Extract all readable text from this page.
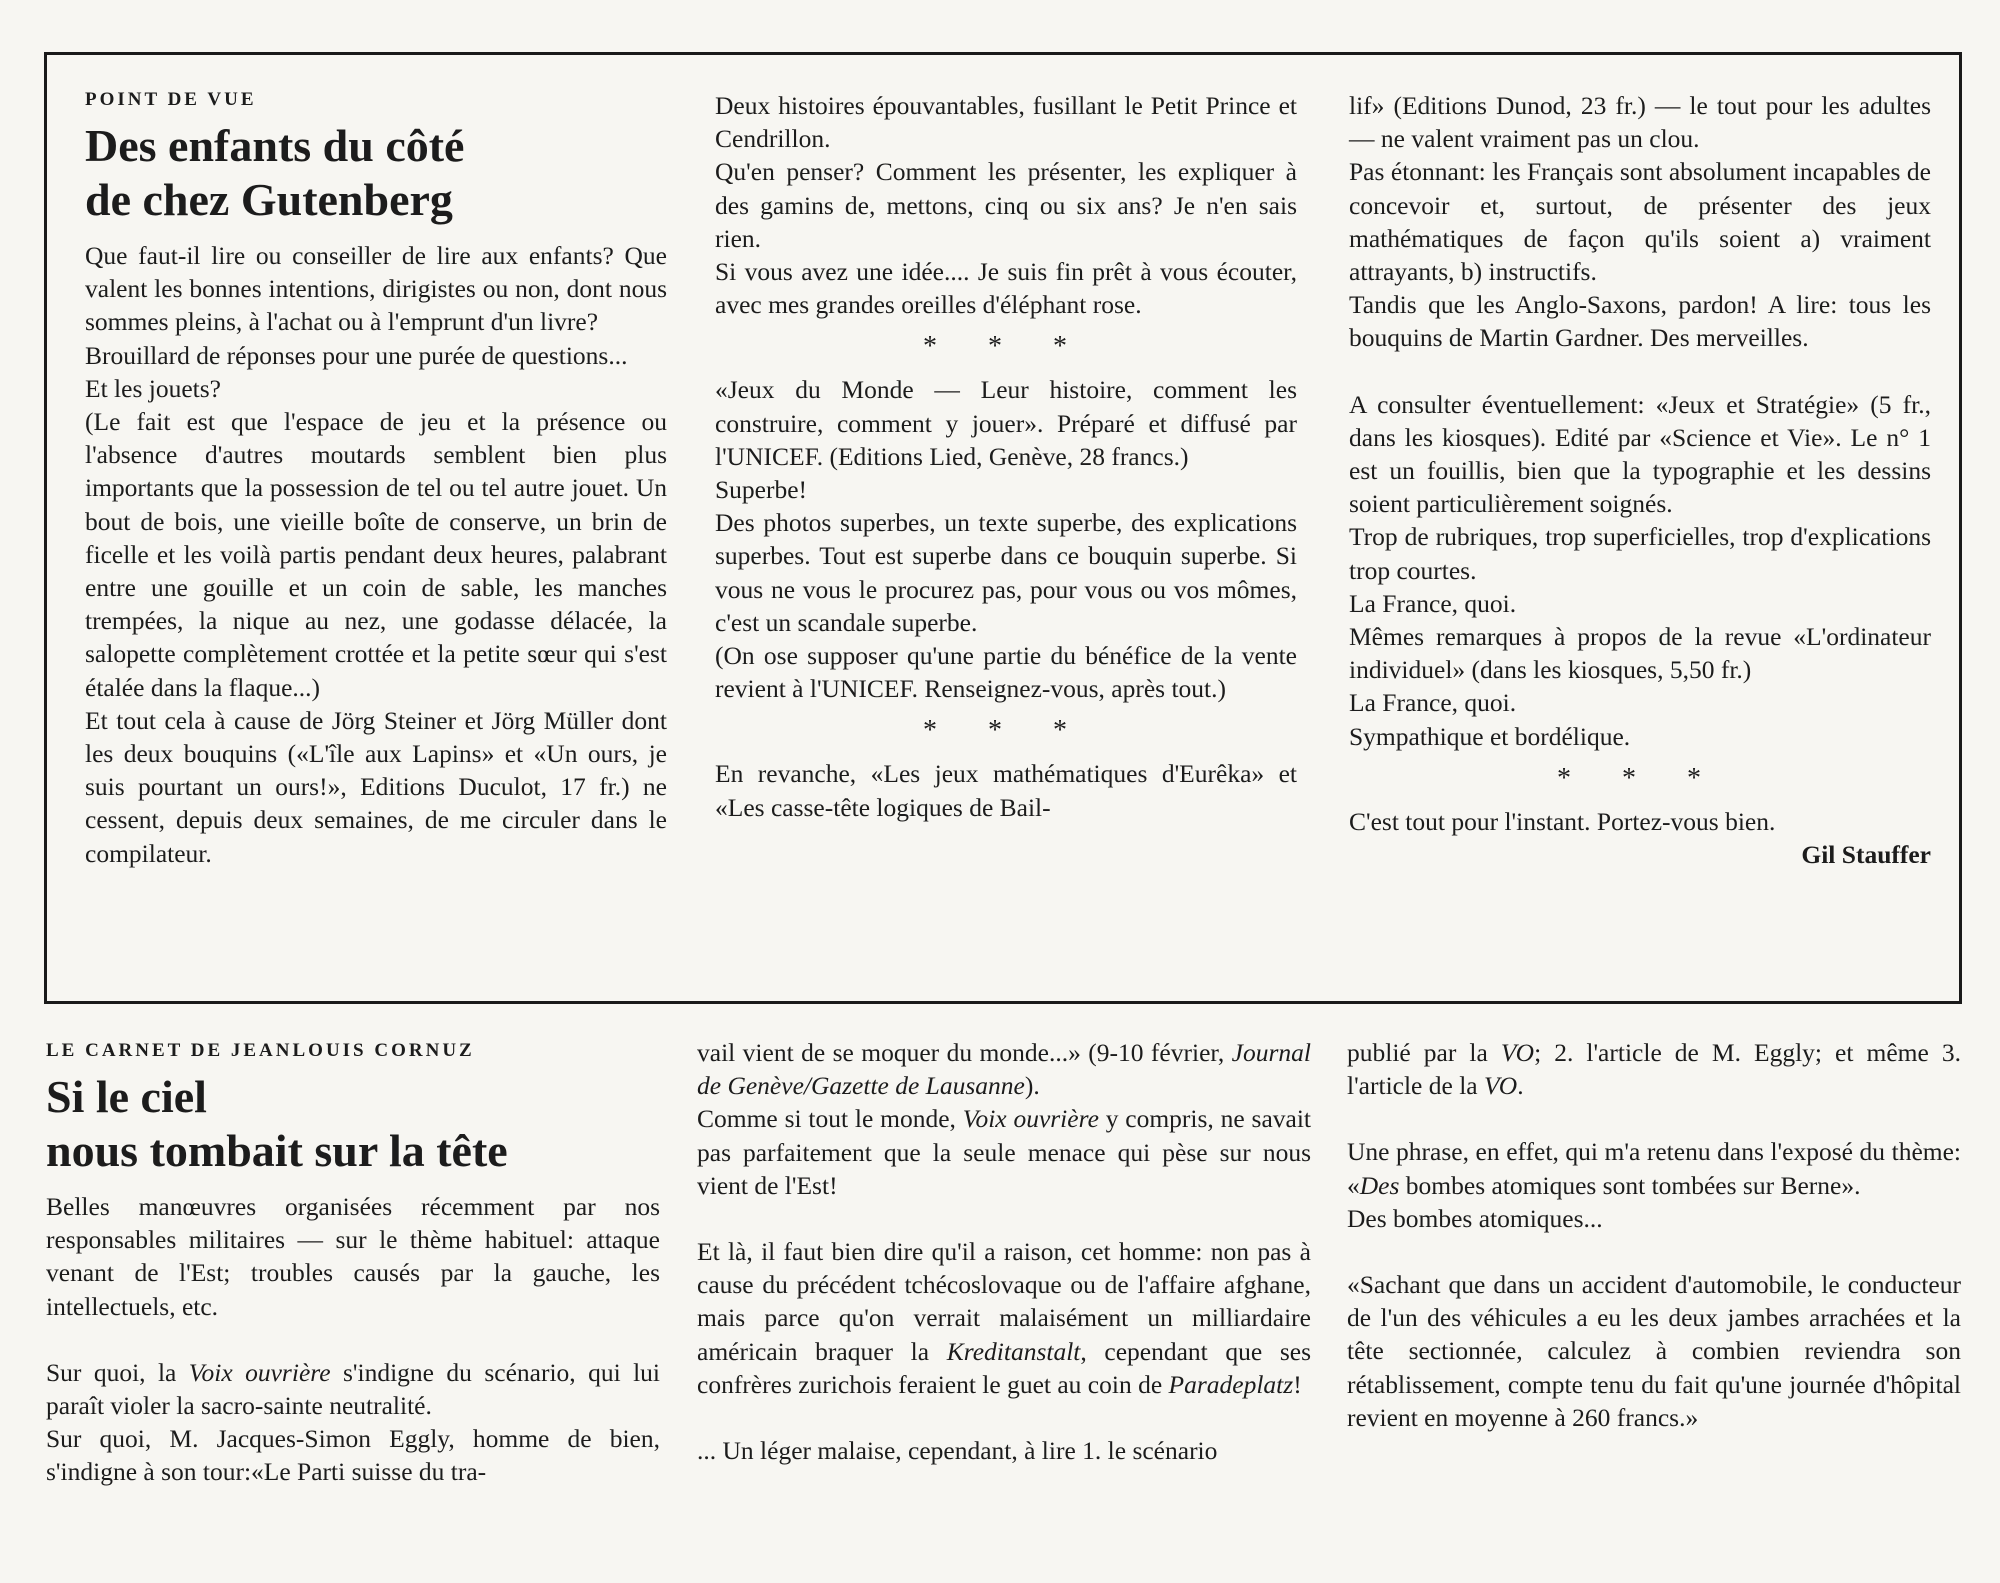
POINT DE VUE
Des enfants du côté
de chez Gutenberg

Que faut-il lire ou conseiller de lire aux enfants? Que valent les bonnes intentions, dirigistes ou non, dont nous sommes pleins, à l'achat ou à l'emprunt d'un livre?

Brouillard de réponses pour une purée de questions...

Et les jouets?

(Le fait est que l'espace de jeu et la présence ou l'absence d'autres moutards semblent bien plus importants que la possession de tel ou tel autre jouet. Un bout de bois, une vieille boîte de conserve, un brin de ficelle et les voilà partis pendant deux heures, palabrant entre une gouille et un coin de sable, les manches trempées, la nique au nez, une godasse délacée, la salopette complètement crottée et la petite sœur qui s'est étalée dans la flaque...)

Et tout cela à cause de Jörg Steiner et Jörg Müller dont les deux bouquins («L'île aux Lapins» et «Un ours, je suis pourtant un ours!», Editions Duculot, 17 fr.) ne cessent, depuis deux semaines, de me circuler dans le compilateur.

Deux histoires épouvantables, fusillant le Petit Prince et Cendrillon.

Qu'en penser? Comment les présenter, les expliquer à des gamins de, mettons, cinq ou six ans? Je n'en sais rien.

Si vous avez une idée.... Je suis fin prêt à vous écouter, avec mes grandes oreilles d'éléphant rose.

* * *

«Jeux du Monde — Leur histoire, comment les construire, comment y jouer». Préparé et diffusé par l'UNICEF. (Editions Lied, Genève, 28 francs.)

Superbe!

Des photos superbes, un texte superbe, des explications superbes. Tout est superbe dans ce bouquin superbe. Si vous ne vous le procurez pas, pour vous ou vos mômes, c'est un scandale superbe.

(On ose supposer qu'une partie du bénéfice de la vente revient à l'UNICEF. Renseignez-vous, après tout.)

* * *

En revanche, «Les jeux mathématiques d'Eurêka» et «Les casse-tête logiques de Bail-

lif» (Editions Dunod, 23 fr.) — le tout pour les adultes — ne valent vraiment pas un clou.

Pas étonnant: les Français sont absolument incapables de concevoir et, surtout, de présenter des jeux mathématiques de façon qu'ils soient a) vraiment attrayants, b) instructifs.

Tandis que les Anglo-Saxons, pardon! A lire: tous les bouquins de Martin Gardner. Des merveilles.

A consulter éventuellement: «Jeux et Stratégie» (5 fr., dans les kiosques). Edité par «Science et Vie». Le n° 1 est un fouillis, bien que la typographie et les dessins soient particulièrement soignés.

Trop de rubriques, trop superficielles, trop d'explications trop courtes.

La France, quoi.

Mêmes remarques à propos de la revue «L'ordinateur individuel» (dans les kiosques, 5,50 fr.)

La France, quoi.

Sympathique et bordélique.

* * *

C'est tout pour l'instant. Portez-vous bien.

Gil Stauffer

LE CARNET DE JEANLOUIS CORNUZ
Si le ciel
nous tombait sur la tête

Belles manœuvres organisées récemment par nos responsables militaires — sur le thème habituel: attaque venant de l'Est; troubles causés par la gauche, les intellectuels, etc.

Sur quoi, la Voix ouvrière s'indigne du scénario, qui lui paraît violer la sacro-sainte neutralité.

Sur quoi, M. Jacques-Simon Eggly, homme de bien, s'indigne à son tour:«Le Parti suisse du tra-

vail vient de se moquer du monde...» (9-10 février, Journal de Genève/Gazette de Lausanne).

Comme si tout le monde, Voix ouvrière y compris, ne savait pas parfaitement que la seule menace qui pèse sur nous vient de l'Est!

Et là, il faut bien dire qu'il a raison, cet homme: non pas à cause du précédent tchécoslovaque ou de l'affaire afghane, mais parce qu'on verrait malaisément un milliardaire américain braquer la Kreditanstalt, cependant que ses confrères zurichois feraient le guet au coin de Paradeplatz!

... Un léger malaise, cependant, à lire 1. le scénario

publié par la VO; 2. l'article de M. Eggly; et même 3. l'article de la VO.

Une phrase, en effet, qui m'a retenu dans l'exposé du thème: «Des bombes atomiques sont tombées sur Berne».

Des bombes atomiques...

«Sachant que dans un accident d'automobile, le conducteur de l'un des véhicules a eu les deux jambes arrachées et la tête sectionnée, calculez à combien reviendra son rétablissement, compte tenu du fait qu'une journée d'hôpital revient en moyenne à 260 francs.»
